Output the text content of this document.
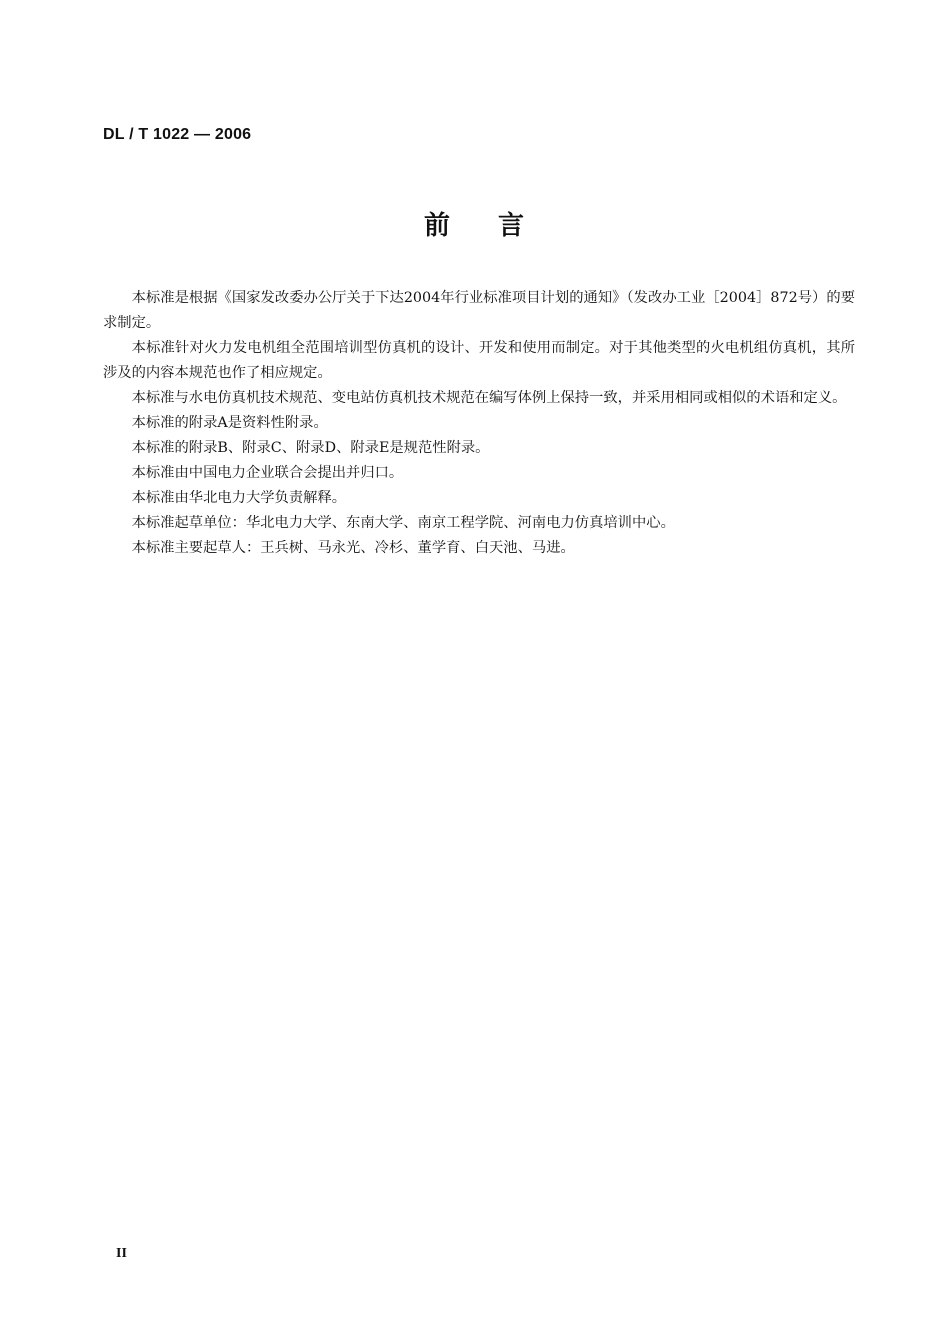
DL / T 1022 — 2006
前 言

本标准是根据《国家发改委办公厅关于下达2004年行业标准项目计划的通知》（发改办工业［2004］872号）的要求制定。

本标准针对火力发电机组全范围培训型仿真机的设计、开发和使用而制定。对于其他类型的火电机组仿真机，其所涉及的内容本规范也作了相应规定。

本标准与水电仿真机技术规范、变电站仿真机技术规范在编写体例上保持一致，并采用相同或相似的术语和定义。

本标准的附录A是资料性附录。

本标准的附录B、附录C、附录D、附录E是规范性附录。

本标准由中国电力企业联合会提出并归口。

本标准由华北电力大学负责解释。

本标准起草单位：华北电力大学、东南大学、南京工程学院、河南电力仿真培训中心。

本标准主要起草人：王兵树、马永光、冷杉、董学育、白天池、马进。

II
